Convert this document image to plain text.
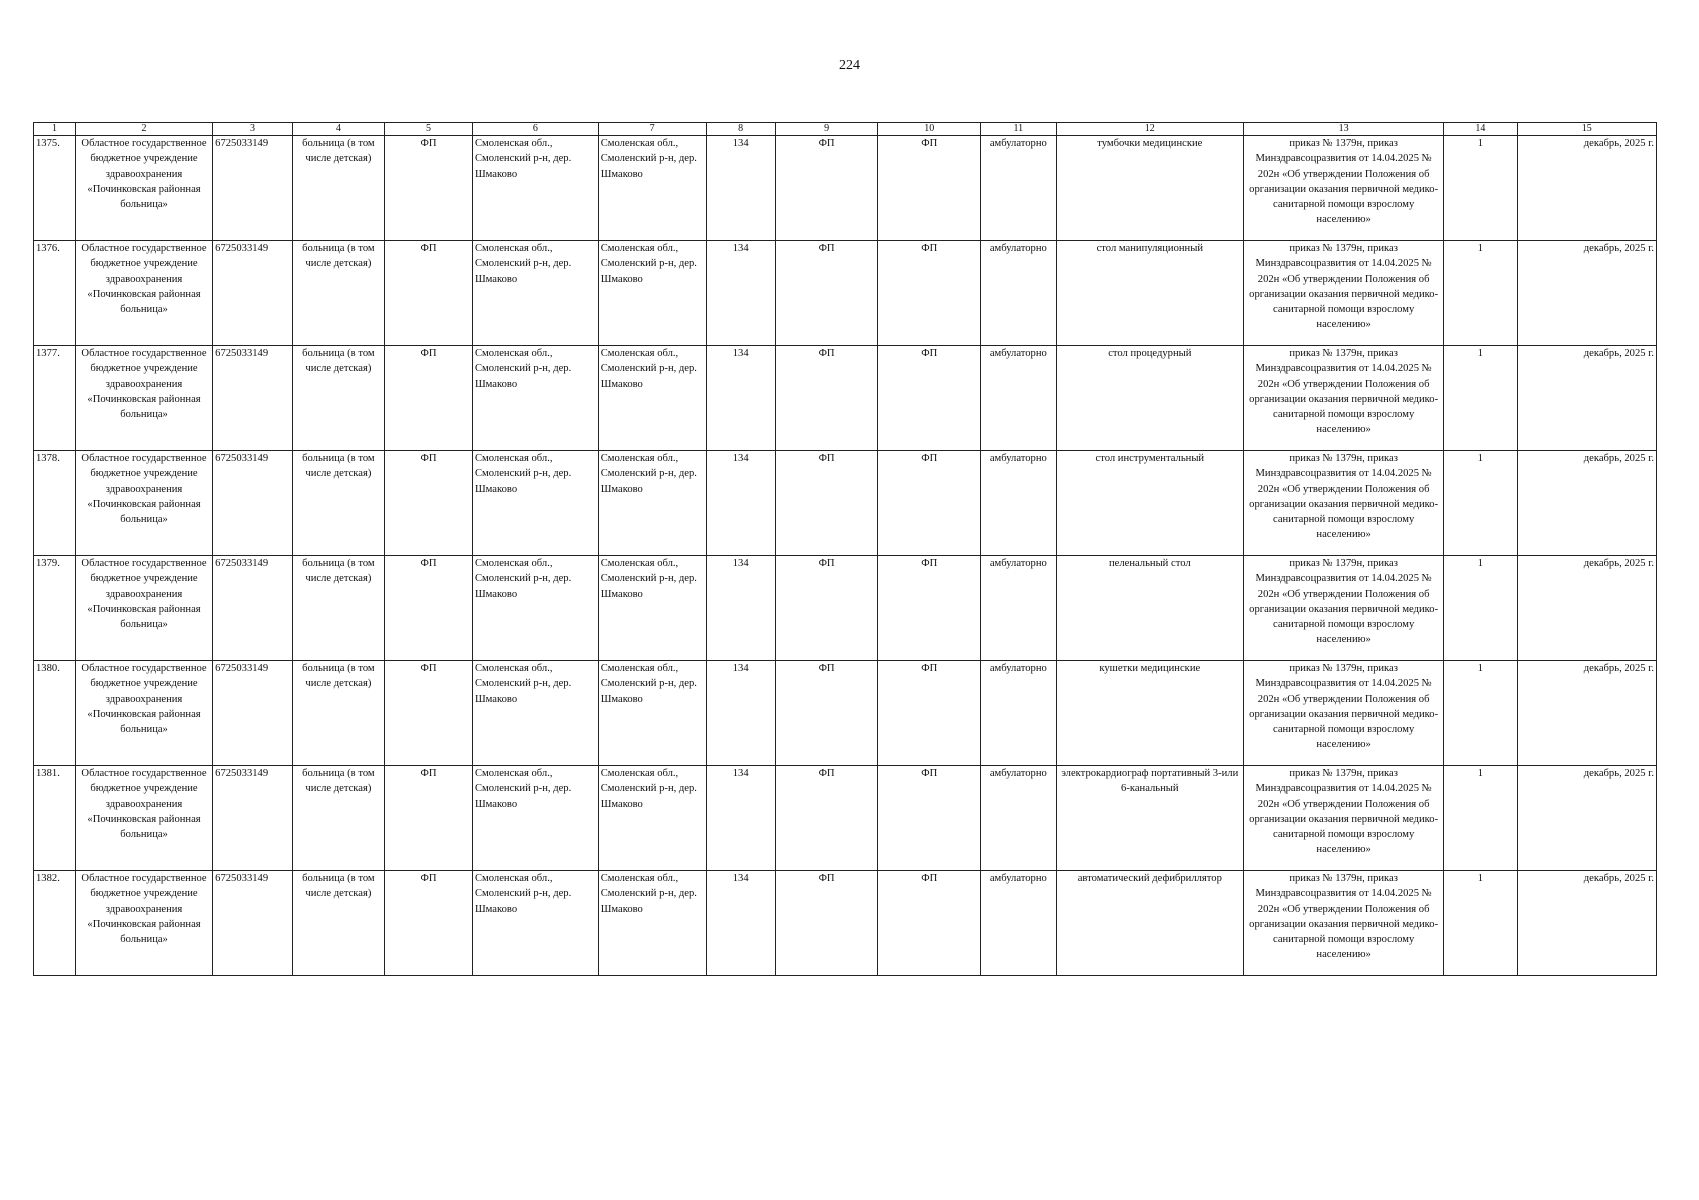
224
1	2	3	4	5	6	7	8	9	10	11	12	13	14	15
1375.	Областное государственное бюджетное учреждение здравоохранения «Починковская районная больница»	6725033149	больница (в том числе детская)	ФП	Смоленская обл., Смоленский р-н, дер. Шмаково	Смоленская обл., Смоленский р-н, дер. Шмаково	134	ФП	ФП	амбулаторно	тумбочки медицинские	приказ № 1379н, приказ Минздравсоцразвития от 14.04.2025 № 202н «Об утверждении Положения об организации оказания первичной медико-санитарной помощи взрослому населению»	1	декабрь, 2025 г.
1376.	Областное государственное бюджетное учреждение здравоохранения «Починковская районная больница»	6725033149	больница (в том числе детская)	ФП	Смоленская обл., Смоленский р-н, дер. Шмаково	Смоленская обл., Смоленский р-н, дер. Шмаково	134	ФП	ФП	амбулаторно	стол манипуляционный	приказ № 1379н, приказ Минздравсоцразвития от 14.04.2025 № 202н «Об утверждении Положения об организации оказания первичной медико-санитарной помощи взрослому населению»	1	декабрь, 2025 г.
1377.	Областное государственное бюджетное учреждение здравоохранения «Починковская районная больница»	6725033149	больница (в том числе детская)	ФП	Смоленская обл., Смоленский р-н, дер. Шмаково	Смоленская обл., Смоленский р-н, дер. Шмаково	134	ФП	ФП	амбулаторно	стол процедурный	приказ № 1379н, приказ Минздравсоцразвития от 14.04.2025 № 202н «Об утверждении Положения об организации оказания первичной медико-санитарной помощи взрослому населению»	1	декабрь, 2025 г.
1378.	Областное государственное бюджетное учреждение здравоохранения «Починковская районная больница»	6725033149	больница (в том числе детская)	ФП	Смоленская обл., Смоленский р-н, дер. Шмаково	Смоленская обл., Смоленский р-н, дер. Шмаково	134	ФП	ФП	амбулаторно	стол инструментальный	приказ № 1379н, приказ Минздравсоцразвития от 14.04.2025 № 202н «Об утверждении Положения об организации оказания первичной медико-санитарной помощи взрослому населению»	1	декабрь, 2025 г.
1379.	Областное государственное бюджетное учреждение здравоохранения «Починковская районная больница»	6725033149	больница (в том числе детская)	ФП	Смоленская обл., Смоленский р-н, дер. Шмаково	Смоленская обл., Смоленский р-н, дер. Шмаково	134	ФП	ФП	амбулаторно	пеленальный стол	приказ № 1379н, приказ Минздравсоцразвития от 14.04.2025 № 202н «Об утверждении Положения об организации оказания первичной медико-санитарной помощи взрослому населению»	1	декабрь, 2025 г.
1380.	Областное государственное бюджетное учреждение здравоохранения «Починковская районная больница»	6725033149	больница (в том числе детская)	ФП	Смоленская обл., Смоленский р-н, дер. Шмаково	Смоленская обл., Смоленский р-н, дер. Шмаково	134	ФП	ФП	амбулаторно	кушетки медицинские	приказ № 1379н, приказ Минздравсоцразвития от 14.04.2025 № 202н «Об утверждении Положения об организации оказания первичной медико-санитарной помощи взрослому населению»	1	декабрь, 2025 г.
1381.	Областное государственное бюджетное учреждение здравоохранения «Починковская районная больница»	6725033149	больница (в том числе детская)	ФП	Смоленская обл., Смоленский р-н, дер. Шмаково	Смоленская обл., Смоленский р-н, дер. Шмаково	134	ФП	ФП	амбулаторно	электрокардиограф портативный 3-или 6-канальный	приказ № 1379н, приказ Минздравсоцразвития от 14.04.2025 № 202н «Об утверждении Положения об организации оказания первичной медико-санитарной помощи взрослому населению»	1	декабрь, 2025 г.
1382.	Областное государственное бюджетное учреждение здравоохранения «Починковская районная больница»	6725033149	больница (в том числе детская)	ФП	Смоленская обл., Смоленский р-н, дер. Шмаково	Смоленская обл., Смоленский р-н, дер. Шмаково	134	ФП	ФП	амбулаторно	автоматический дефибриллятор	приказ № 1379н, приказ Минздравсоцразвития от 14.04.2025 № 202н «Об утверждении Положения об организации оказания первичной медико-санитарной помощи взрослому населению»	1	декабрь, 2025 г.
